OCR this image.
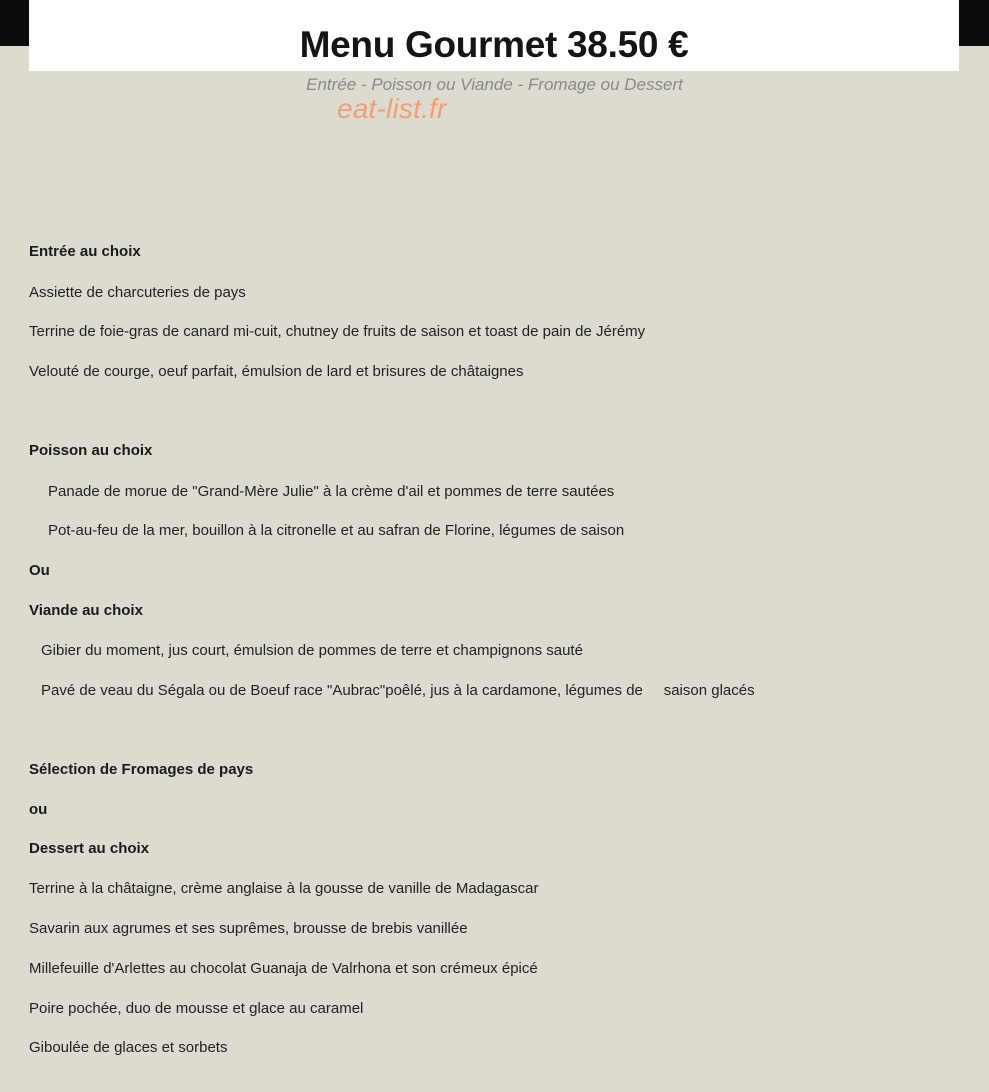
Menu Gourmet 38.50 €
Entrée - Poisson ou Viande - Fromage ou Dessert
eat-list.fr
Entrée au choix
Assiette de charcuteries de pays
Terrine de foie-gras de canard mi-cuit, chutney de fruits de saison et toast de pain de Jérémy
Velouté de courge, oeuf parfait, émulsion de lard et brisures de châtaignes
Poisson au choix
Panade de morue de "Grand-Mère Julie" à la crème d'ail et pommes de terre sautées
Pot-au-feu de la mer, bouillon à la citronelle et au safran de Florine, légumes de saison
Ou
Viande au choix
Gibier du moment, jus court, émulsion de pommes de terre et champignons sauté
Pavé de veau du Ségala ou de Boeuf race "Aubrac"poêlé, jus à la cardamone, légumes de     saison glacés
Sélection de Fromages de pays
ou
Dessert au choix
Terrine à la châtaigne, crème anglaise à la gousse de vanille de Madagascar
Savarin aux agrumes et ses suprêmes, brousse de brebis vanillée
Millefeuille d'Arlettes au chocolat Guanaja de Valrhona et son crémeux épicé
Poire pochée, duo de mousse et glace au caramel
Giboulée de glaces et sorbets
